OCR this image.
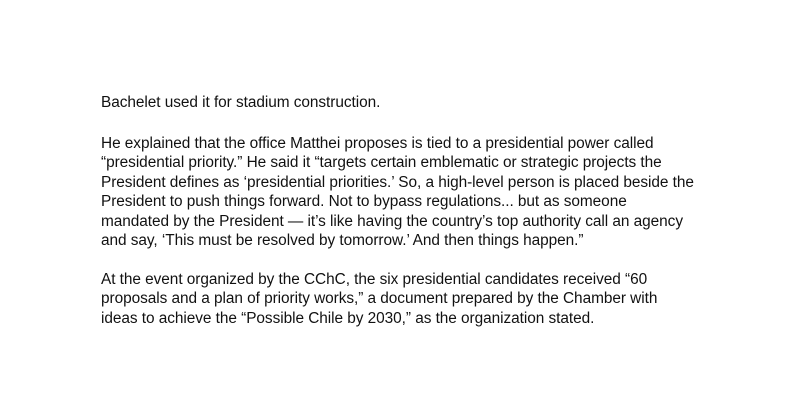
Bachelet used it for stadium construction.

He explained that the office Matthei proposes is tied to a presidential power called
“presidential priority.” He said it “targets certain emblematic or strategic projects the
President defines as ‘presidential priorities.’ So, a high-level person is placed beside the
President to push things forward. Not to bypass regulations... but as someone
mandated by the President — it’s like having the country’s top authority call an agency
and say, ‘This must be resolved by tomorrow.’ And then things happen.”

At the event organized by the CChC, the six presidential candidates received “60
proposals and a plan of priority works,” a document prepared by the Chamber with
ideas to achieve the “Possible Chile by 2030,” as the organization stated.
